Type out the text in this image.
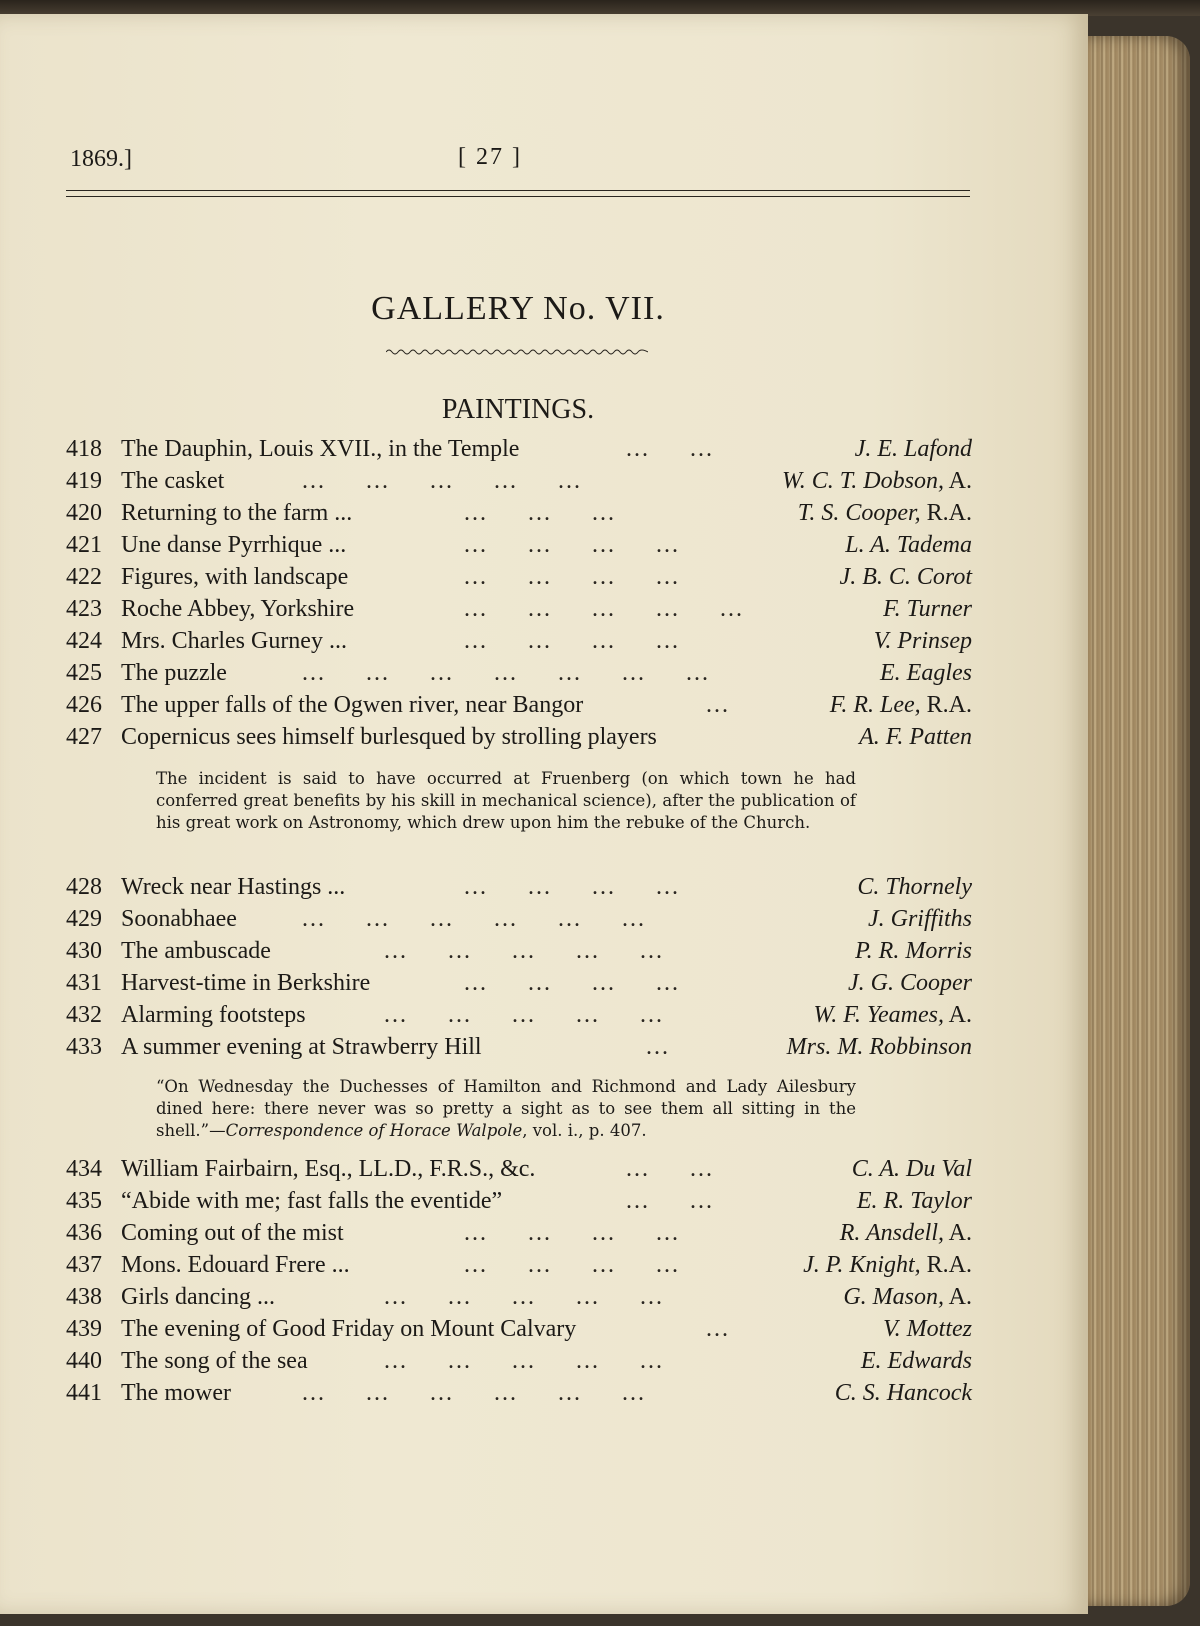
1869.]	[ 27 ]
GALLERY No. VII.
PAINTINGS.
418 The Dauphin, Louis XVII., in the Temple	...     ...	J. E. Lafond
419 The casket	...     ...     ...     ...     ...	W. C. T. Dobson, A.
420 Returning to the farm ...	...     ...     ...	T. S. Cooper, R.A.
421 Une danse Pyrrhique ...	...     ...     ...     ...	L. A. Tadema
422 Figures, with landscape	...     ...     ...     ...	J. B. C. Corot
423 Roche Abbey, Yorkshire	...     ...     ...     ...     ...	F. Turner
424 Mrs. Charles Gurney ...	...     ...     ...     ...	V. Prinsep
425 The puzzle	...     ...     ...     ...     ...     ...     ...	E. Eagles
426 The upper falls of the Ogwen river, near Bangor	...	F. R. Lee, R.A.
427 Copernicus sees himself burlesqued by strolling players	A. F. Patten
The incident is said to have occurred at Fruenberg (on which town he had conferred great benefits by his skill in mechanical science), after the publication of his great work on Astronomy, which drew upon him the rebuke of the Church.
428 Wreck near Hastings ...	...     ...     ...     ...	C. Thornely
429 Soonabhaee	...     ...     ...     ...     ...     ...	J. Griffiths
430 The ambuscade	...     ...     ...     ...     ...	P. R. Morris
431 Harvest-time in Berkshire	...     ...     ...     ...	J. G. Cooper
432 Alarming footsteps	...     ...     ...     ...     ...	W. F. Yeames, A.
433 A summer evening at Strawberry Hill	...	Mrs. M. Robbinson
“On Wednesday the Duchesses of Hamilton and Richmond and Lady Ailesbury dined here: there never was so pretty a sight as to see them all sitting in the shell.”—Correspondence of Horace Walpole, vol. i., p. 407.
434 William Fairbairn, Esq., LL.D., F.R.S., &c.	...     ...	C. A. Du Val
435 “Abide with me; fast falls the eventide”	...     ...	E. R. Taylor
436 Coming out of the mist	...     ...     ...     ...	R. Ansdell, A.
437 Mons. Edouard Frere ...	...     ...     ...     ...	J. P. Knight, R.A.
438 Girls dancing ...	...     ...     ...     ...     ...	G. Mason, A.
439 The evening of Good Friday on Mount Calvary	...	V. Mottez
440 The song of the sea	...     ...     ...     ...     ...	E. Edwards
441 The mower	...     ...     ...     ...     ...     ...	C. S. Hancock
